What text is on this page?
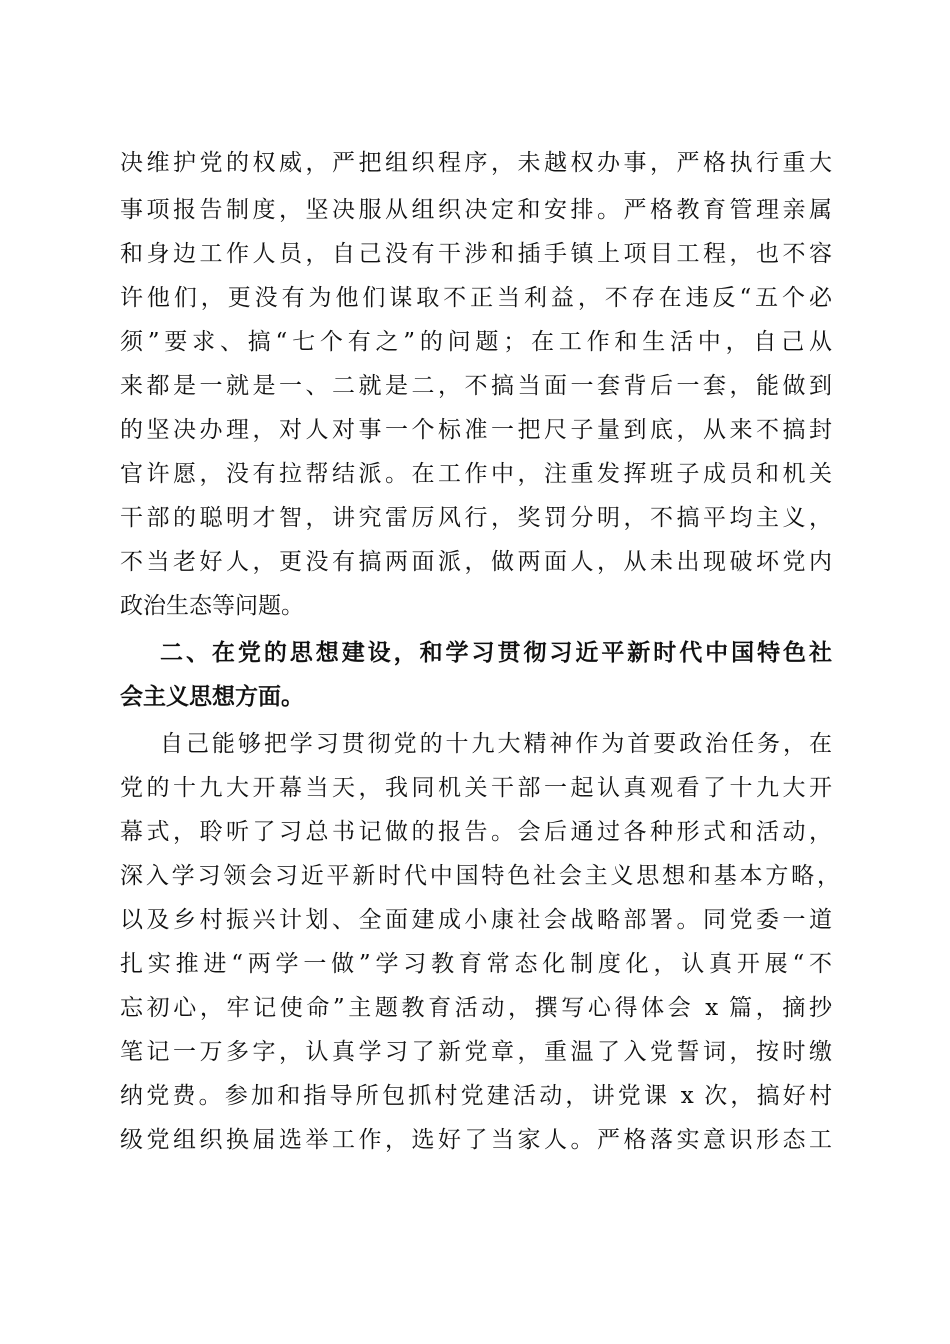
决维护党的权威，严把组织程序，未越权办事，严格执行重大
事项报告制度，坚决服从组织决定和安排。严格教育管理亲属
和身边工作人员，自己没有干涉和插手镇上项目工程，也不容
许他们，更没有为他们谋取不正当利益，不存在违反“五个必
须”要求、搞“七个有之”的问题；在工作和生活中，自己从
来都是一就是一、二就是二，不搞当面一套背后一套，能做到
的坚决办理，对人对事一个标准一把尺子量到底，从来不搞封
官许愿，没有拉帮结派。在工作中，注重发挥班子成员和机关
干部的聪明才智，讲究雷厉风行，奖罚分明，不搞平均主义，
不当老好人，更没有搞两面派，做两面人，从未出现破坏党内
政治生态等问题。
二、在党的思想建设，和学习贯彻习近平新时代中国特色社
会主义思想方面。
自己能够把学习贯彻党的十九大精神作为首要政治任务，在
党的十九大开幕当天，我同机关干部一起认真观看了十九大开
幕式，聆听了习总书记做的报告。会后通过各种形式和活动，
深入学习领会习近平新时代中国特色社会主义思想和基本方略，
以及乡村振兴计划、全面建成小康社会战略部署。同党委一道
扎实推进“两学一做”学习教育常态化制度化，认真开展“不
忘初心，牢记使命”主题教育活动，撰写心得体会 x 篇，摘抄
笔记一万多字，认真学习了新党章，重温了入党誓词，按时缴
纳党费。参加和指导所包抓村党建活动，讲党课 x 次，搞好村
级党组织换届选举工作，选好了当家人。严格落实意识形态工
